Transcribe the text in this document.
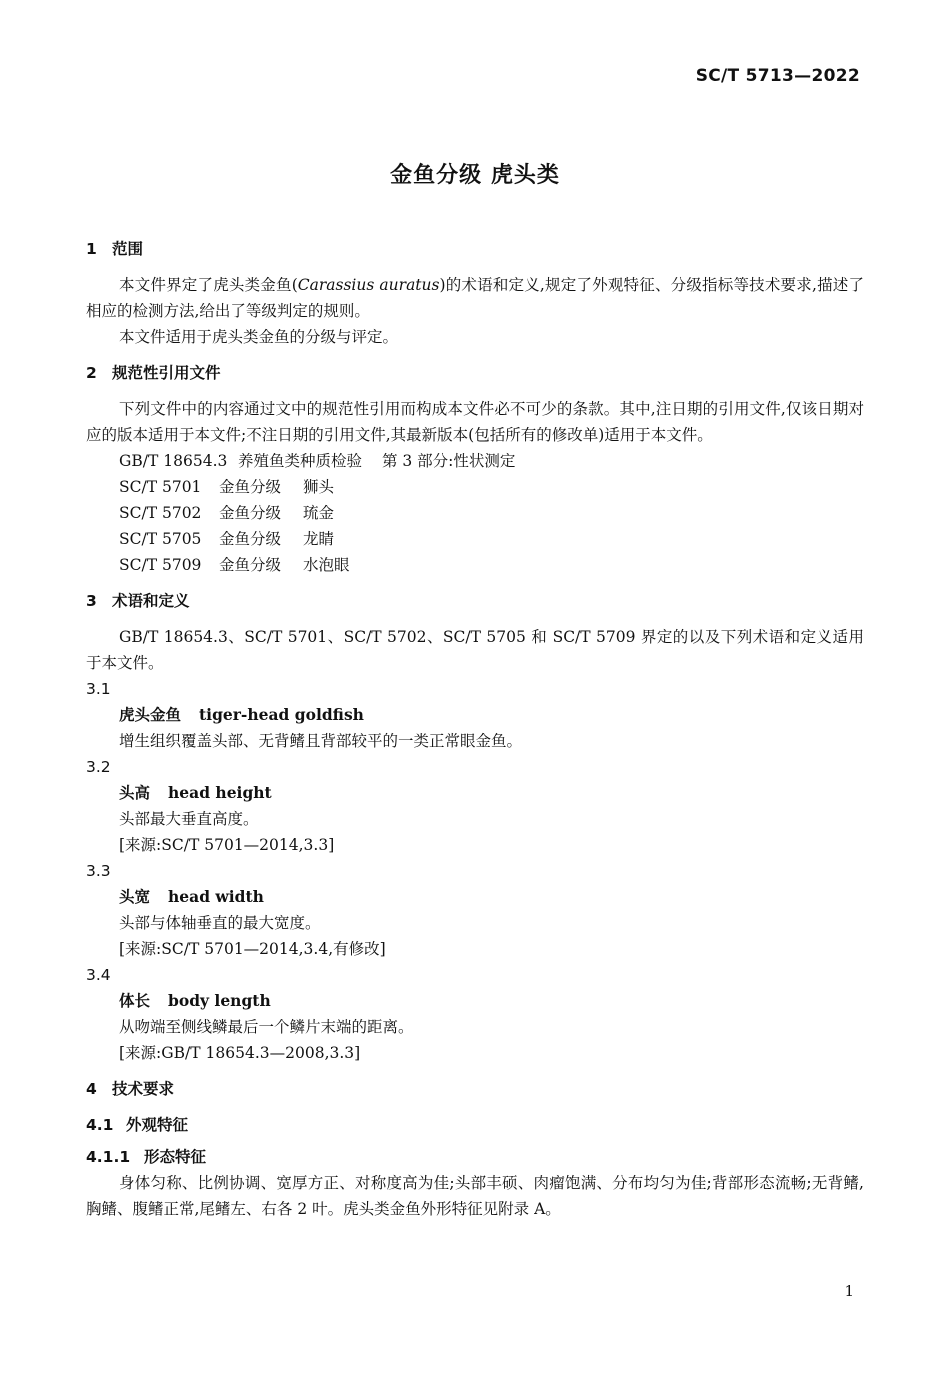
SC/T 5713—2022
金鱼分级 虎头类
1 范围
本文件界定了虎头类金鱼(Carassius auratus)的术语和定义,规定了外观特征、分级指标等技术要求,描述了相应的检测方法,给出了等级判定的规则。
本文件适用于虎头类金鱼的分级与评定。
2 规范性引用文件
下列文件中的内容通过文中的规范性引用而构成本文件必不可少的条款。其中,注日期的引用文件,仅该日期对应的版本适用于本文件;不注日期的引用文件,其最新版本(包括所有的修改单)适用于本文件。
GB/T 18654.3 养殖鱼类种质检验 第 3 部分:性状测定
SC/T 5701 金鱼分级 狮头
SC/T 5702 金鱼分级 琉金
SC/T 5705 金鱼分级 龙睛
SC/T 5709 金鱼分级 水泡眼
3 术语和定义
GB/T 18654.3、SC/T 5701、SC/T 5702、SC/T 5705 和 SC/T 5709 界定的以及下列术语和定义适用于本文件。
3.1
虎头金鱼 tiger-head goldfish
增生组织覆盖头部、无背鳍且背部较平的一类正常眼金鱼。
3.2
头高 head height
头部最大垂直高度。
[来源:SC/T 5701—2014,3.3]
3.3
头宽 head width
头部与体轴垂直的最大宽度。
[来源:SC/T 5701—2014,3.4,有修改]
3.4
体长 body length
从吻端至侧线鳞最后一个鳞片末端的距离。
[来源:GB/T 18654.3—2008,3.3]
4 技术要求
4.1 外观特征
4.1.1 形态特征
身体匀称、比例协调、宽厚方正、对称度高为佳;头部丰硕、肉瘤饱满、分布均匀为佳;背部形态流畅;无背鳍,胸鳍、腹鳍正常,尾鳍左、右各 2 叶。虎头类金鱼外形特征见附录 A。
1
